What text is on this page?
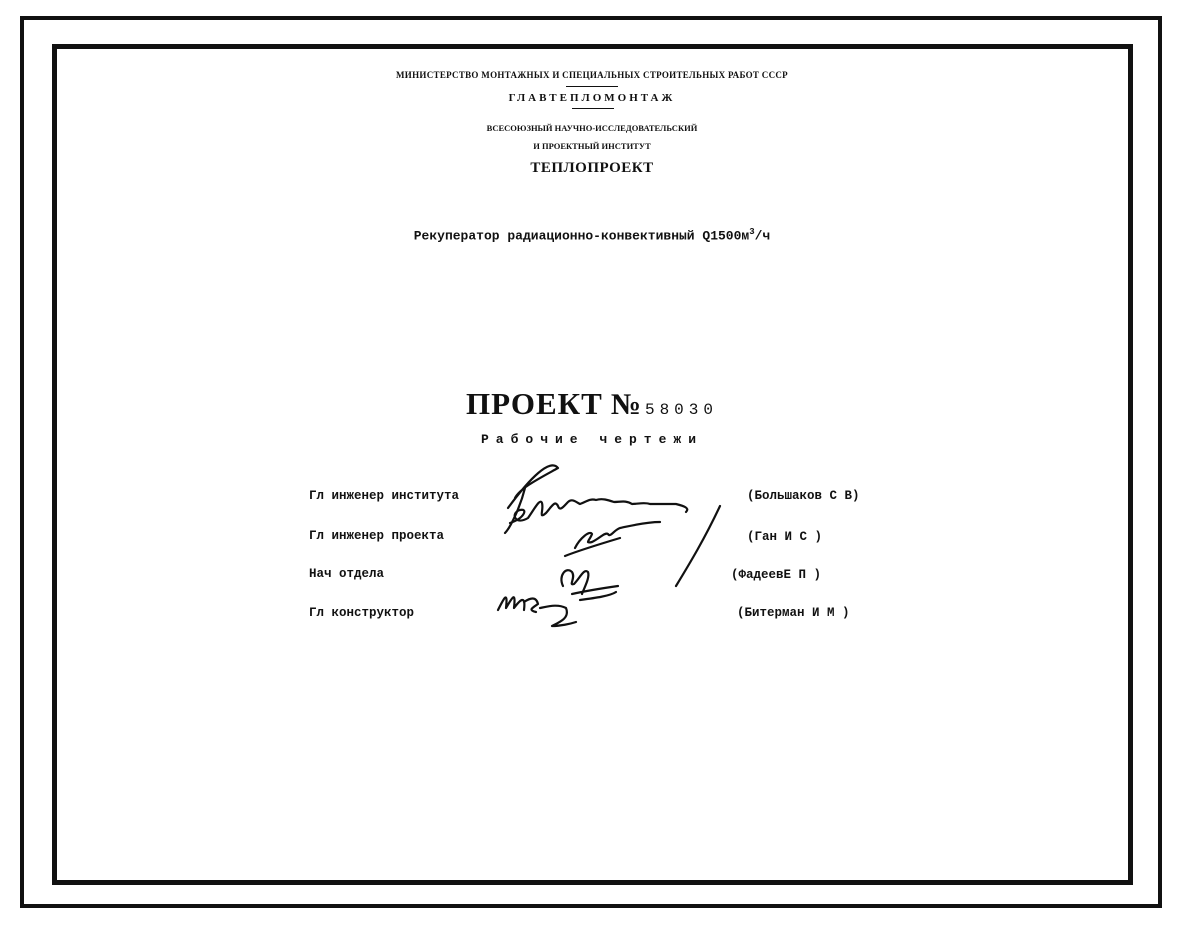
МИНИСТЕРСТВО МОНТАЖНЫХ И СПЕЦИАЛЬНЫХ СТРОИТЕЛЬНЫХ РАБОТ СССР
ГЛАВТЕПЛОМОНТАЖ
ВСЕСОЮЗНЫЙ НАУЧНО-ИССЛЕДОВАТЕЛЬСКИЙ
И ПРОЕКТНЫЙ ИНСТИТУТ
ТЕПЛОПРОЕКТ
Рекуператор радиационно-конвективный $Q1500м^3/ч$
ПРОЕКТ № 58030
Рабочие чертежи
Гл инженер института
Гл инженер проекта
Нач отдела
Гл конструктор
(Большаков С В)
(Ган И С )
(ФадеевЕ П )
(Битерман И М )
